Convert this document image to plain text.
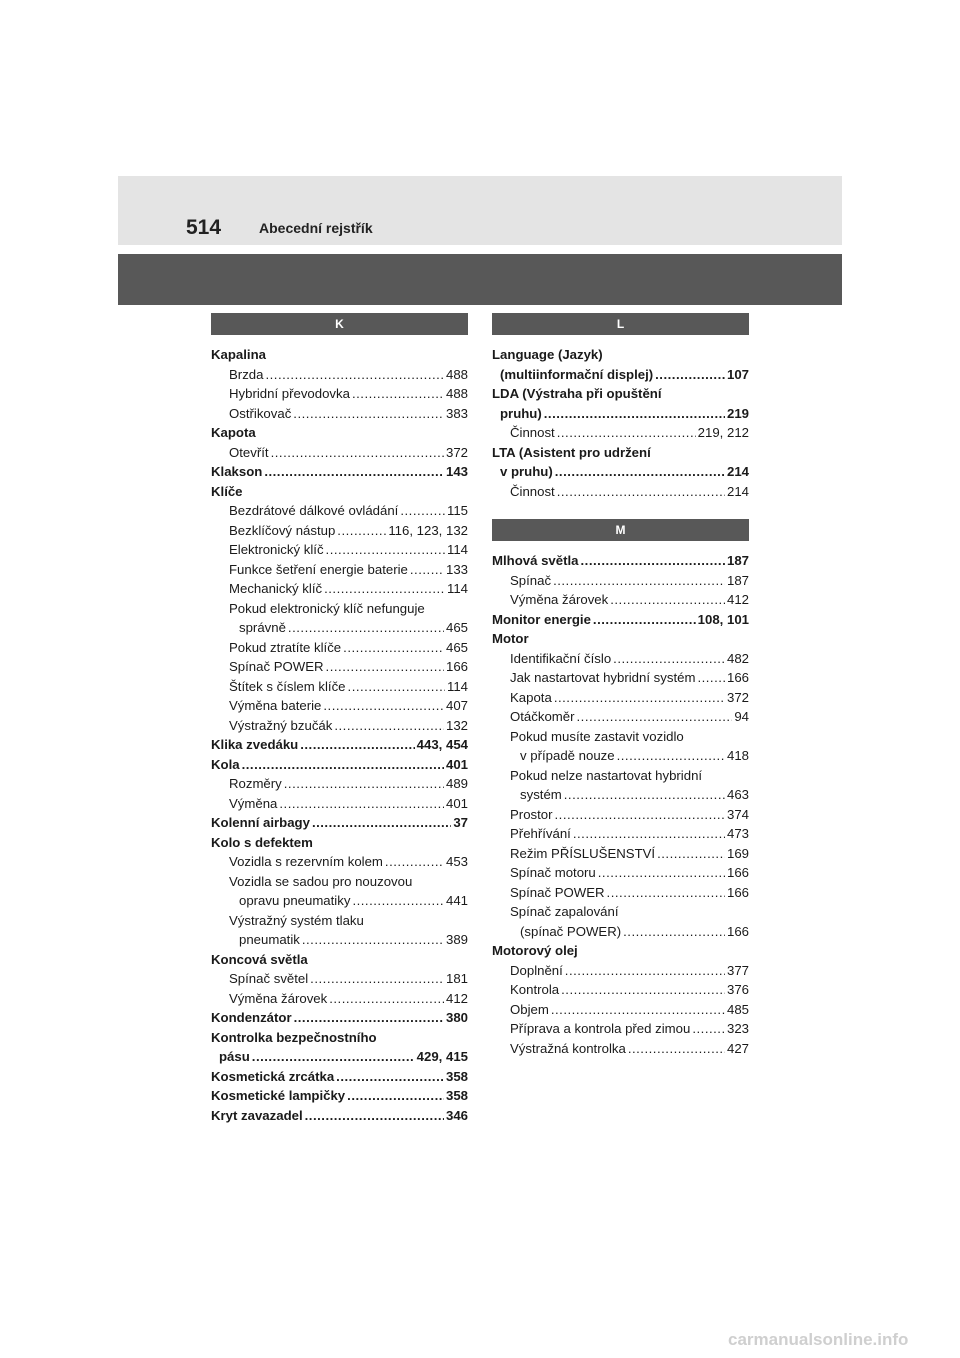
514	Abecední rejstřík
K
Kapalina
Brzda .....	488
Hybridní převodovka .....	488
Ostřikovač .....	383
Kapota
Otevřít .....	372
Klakson .....	143
Klíče
Bezdrátové dálkové ovládání .....	115
Bezklíčový nástup .....	116, 123, 132
Elektronický klíč .....	114
Funkce šetření energie baterie .....	133
Mechanický klíč .....	114
Pokud elektronický klíč nefunguje
správně .....	465
Pokud ztratíte klíče .....	465
Spínač POWER .....	166
Štítek s číslem klíče .....	114
Výměna baterie .....	407
Výstražný bzučák .....	132
Klika zvedáku .....	443, 454
Kola .....	401
Rozměry .....	489
Výměna .....	401
Kolenní airbagy .....	37
Kolo s defektem
Vozidla s rezervním kolem .....	453
Vozidla se sadou pro nouzovou
opravu pneumatiky .....	441
Výstražný systém tlaku
pneumatik .....	389
Koncová světla
Spínač světel .....	181
Výměna žárovek .....	412
Kondenzátor .....	380
Kontrolka bezpečnostního
pásu .....	429, 415
Kosmetická zrcátka .....	358
Kosmetické lampičky .....	358
Kryt zavazadel .....	346
L
Language (Jazyk)
(multiinformační displej) .....	107
LDA (Výstraha při opuštění
pruhu) .....	219
Činnost .....	219, 212
LTA (Asistent pro udržení
v pruhu) .....	214
Činnost .....	214
M
Mlhová světla .....	187
Spínač .....	187
Výměna žárovek .....	412
Monitor energie .....	108, 101
Motor
Identifikační číslo .....	482
Jak nastartovat hybridní systém ..... 166
Kapota .....	372
Otáčkoměr .....	94
Pokud musíte zastavit vozidlo
v případě nouze .....	418
Pokud nelze nastartovat hybridní
systém .....	463
Prostor .....	374
Přehřívání .....	473
Režim PŘÍSLUŠENSTVÍ .....	169
Spínač motoru .....	166
Spínač POWER .....	166
Spínač zapalování
(spínač POWER) .....	166
Motorový olej
Doplnění .....	377
Kontrola .....	376
Objem .....	485
Příprava a kontrola před zimou .....	323
Výstražná kontrolka .....	427
carmanualsonline.info
